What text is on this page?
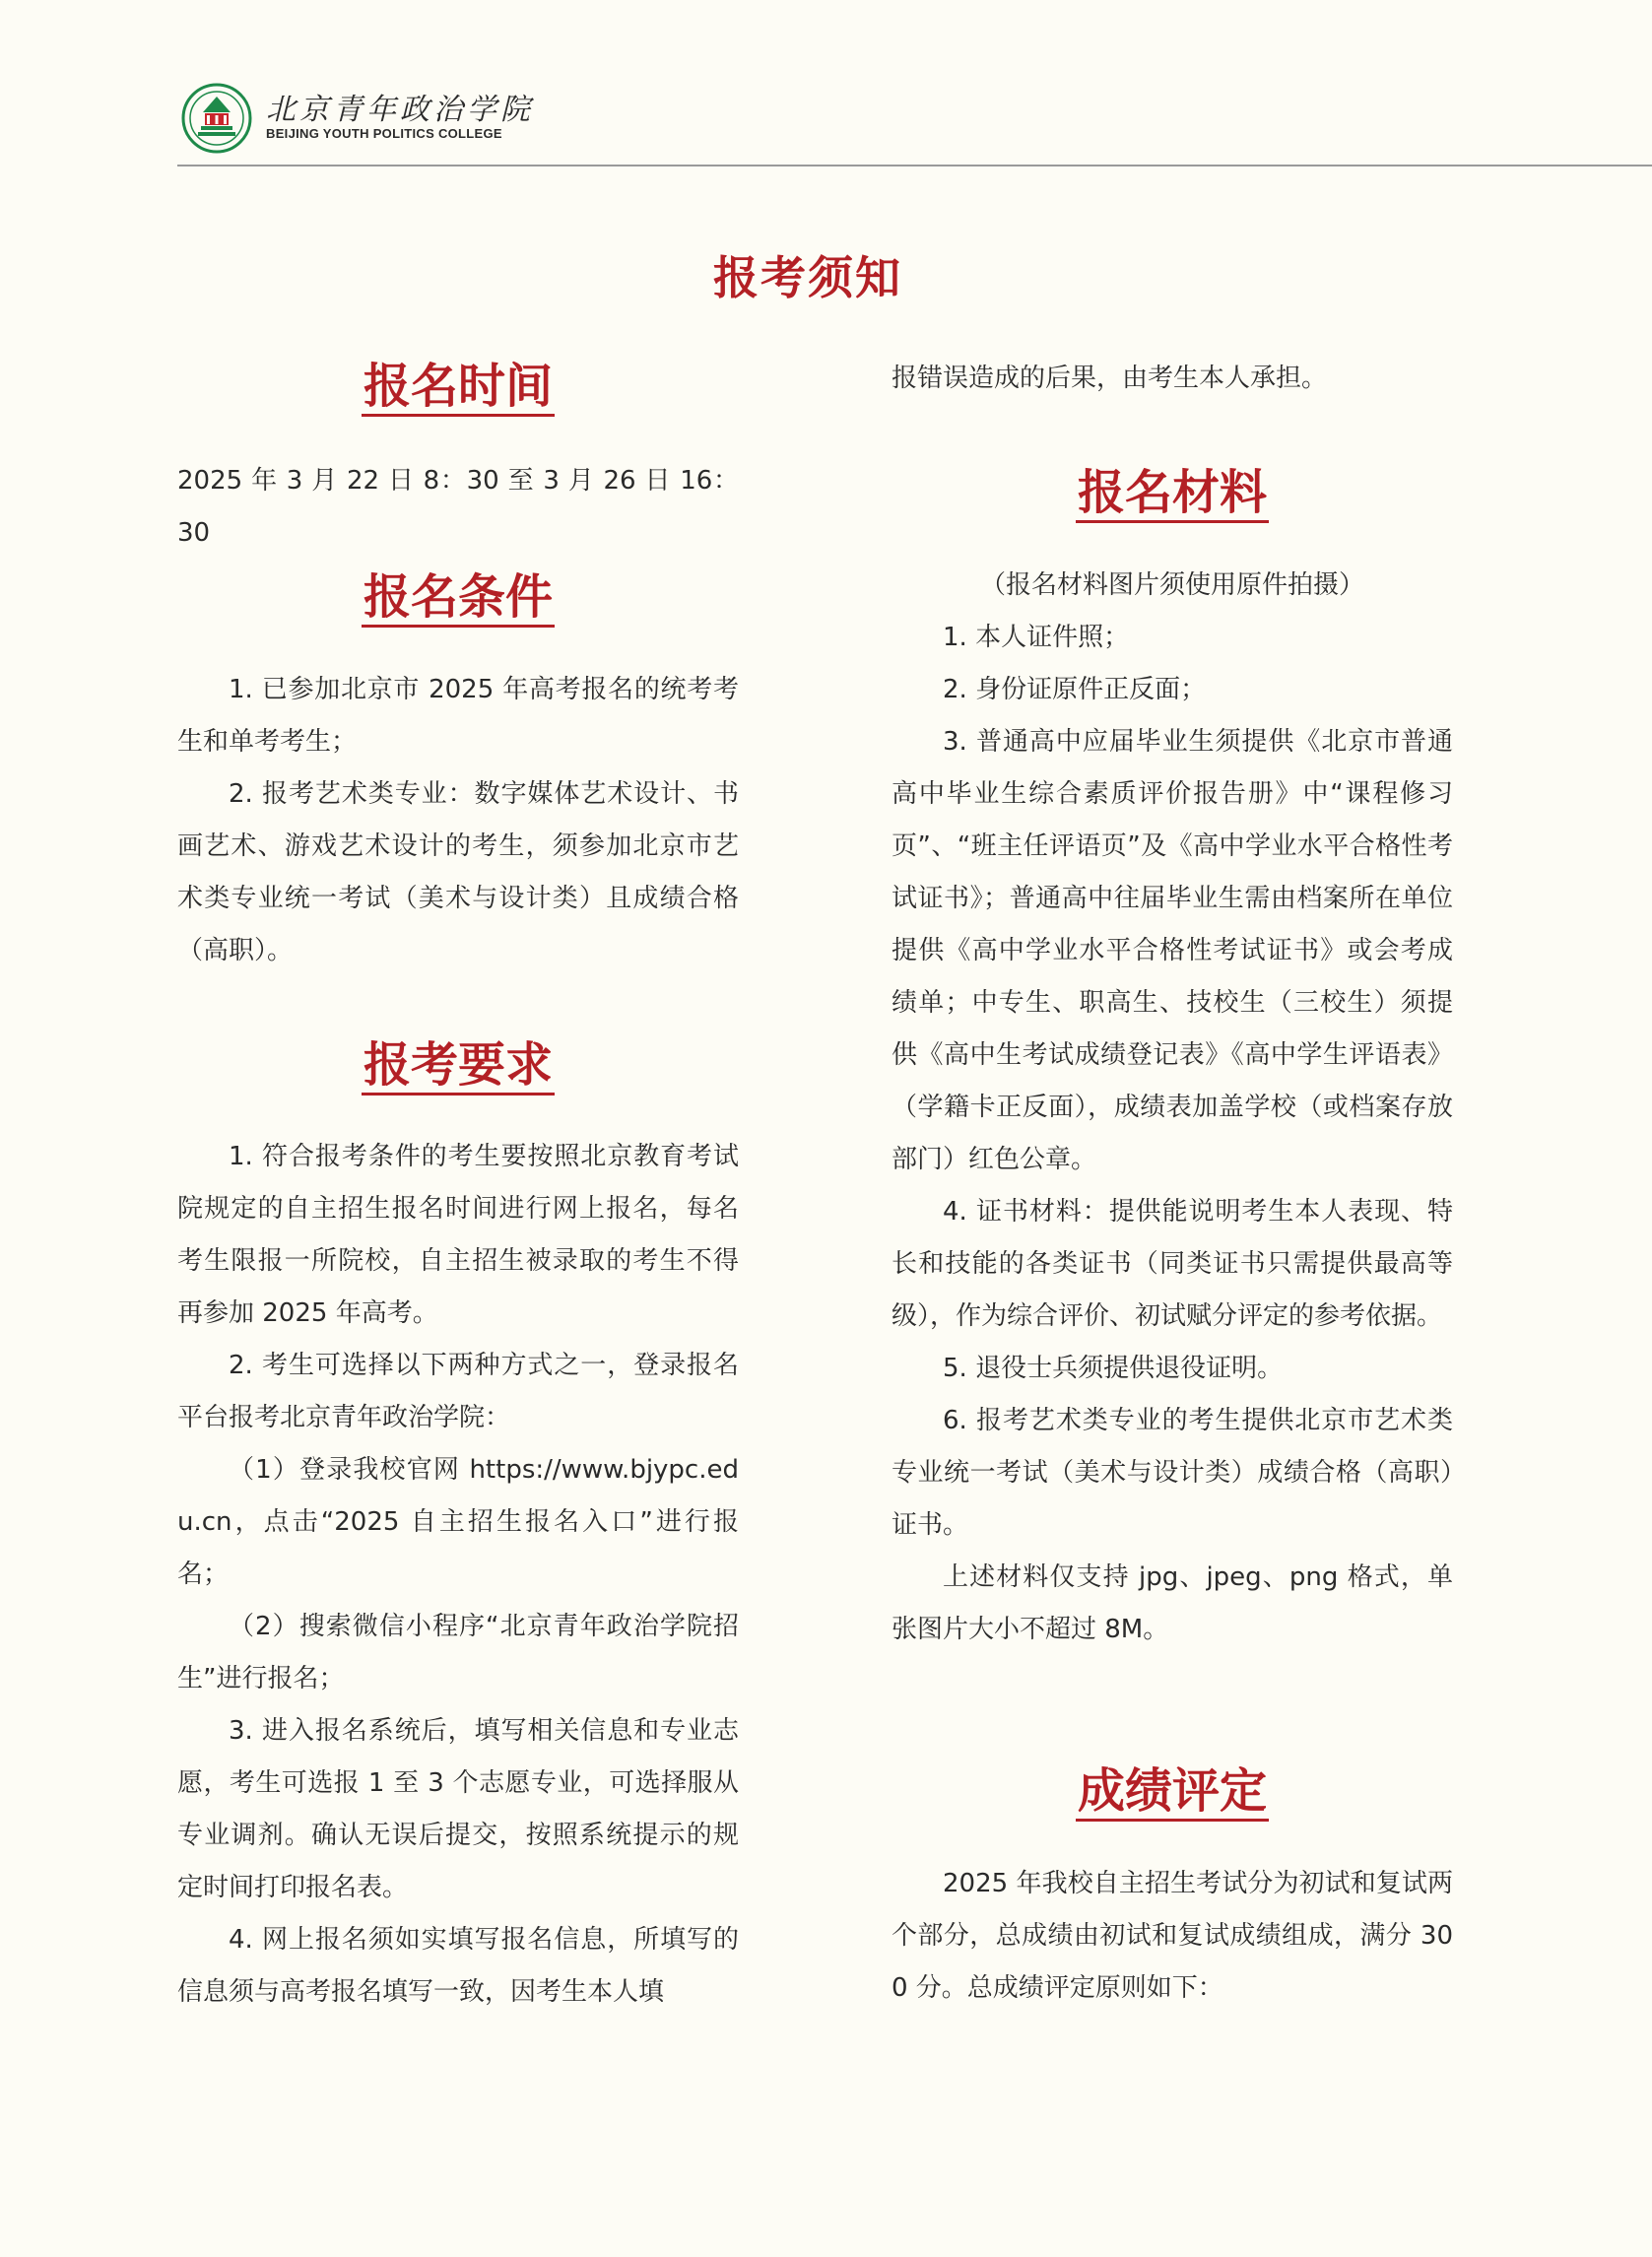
北京青年政治学院
BEIJING YOUTH POLITICS COLLEGE
报考须知
报名时间

2025 年 3 月 22 日 8：30 至 3 月 26 日 16：30

报名条件

1. 已参加北京市 2025 年高考报名的统考考生和单考考生；

2. 报考艺术类专业：数字媒体艺术设计、书画艺术、游戏艺术设计的考生，须参加北京市艺术类专业统一考试（美术与设计类）且成绩合格（高职）。

报考要求

1. 符合报考条件的考生要按照北京教育考试院规定的自主招生报名时间进行网上报名，每名考生限报一所院校，自主招生被录取的考生不得再参加 2025 年高考。

2. 考生可选择以下两种方式之一，登录报名平台报考北京青年政治学院：

（1）登录我校官网 https://www.bjypc.edu.cn，点击“2025 自主招生报名入口”进行报名；

（2）搜索微信小程序“北京青年政治学院招生”进行报名；

3. 进入报名系统后，填写相关信息和专业志愿，考生可选报 1 至 3 个志愿专业，可选择服从专业调剂。确认无误后提交，按照系统提示的规定时间打印报名表。

4. 网上报名须如实填写报名信息，所填写的信息须与高考报名填写一致，因考生本人填

报错误造成的后果，由考生本人承担。

报名材料

（报名材料图片须使用原件拍摄）

1. 本人证件照；

2. 身份证原件正反面；

3. 普通高中应届毕业生须提供《北京市普通高中毕业生综合素质评价报告册》中“课程修习页”、“班主任评语页”及《高中学业水平合格性考试证书》；普通高中往届毕业生需由档案所在单位提供《高中学业水平合格性考试证书》或会考成绩单；中专生、职高生、技校生（三校生）须提供《高中生考试成绩登记表》《高中学生评语表》（学籍卡正反面），成绩表加盖学校（或档案存放部门）红色公章。

4. 证书材料：提供能说明考生本人表现、特长和技能的各类证书（同类证书只需提供最高等级），作为综合评价、初试赋分评定的参考依据。

5. 退役士兵须提供退役证明。

6. 报考艺术类专业的考生提供北京市艺术类专业统一考试（美术与设计类）成绩合格（高职）证书。

上述材料仅支持 jpg、jpeg、png 格式，单张图片大小不超过 8M。

成绩评定

2025 年我校自主招生考试分为初试和复试两个部分，总成绩由初试和复试成绩组成，满分 300 分。总成绩评定原则如下：
